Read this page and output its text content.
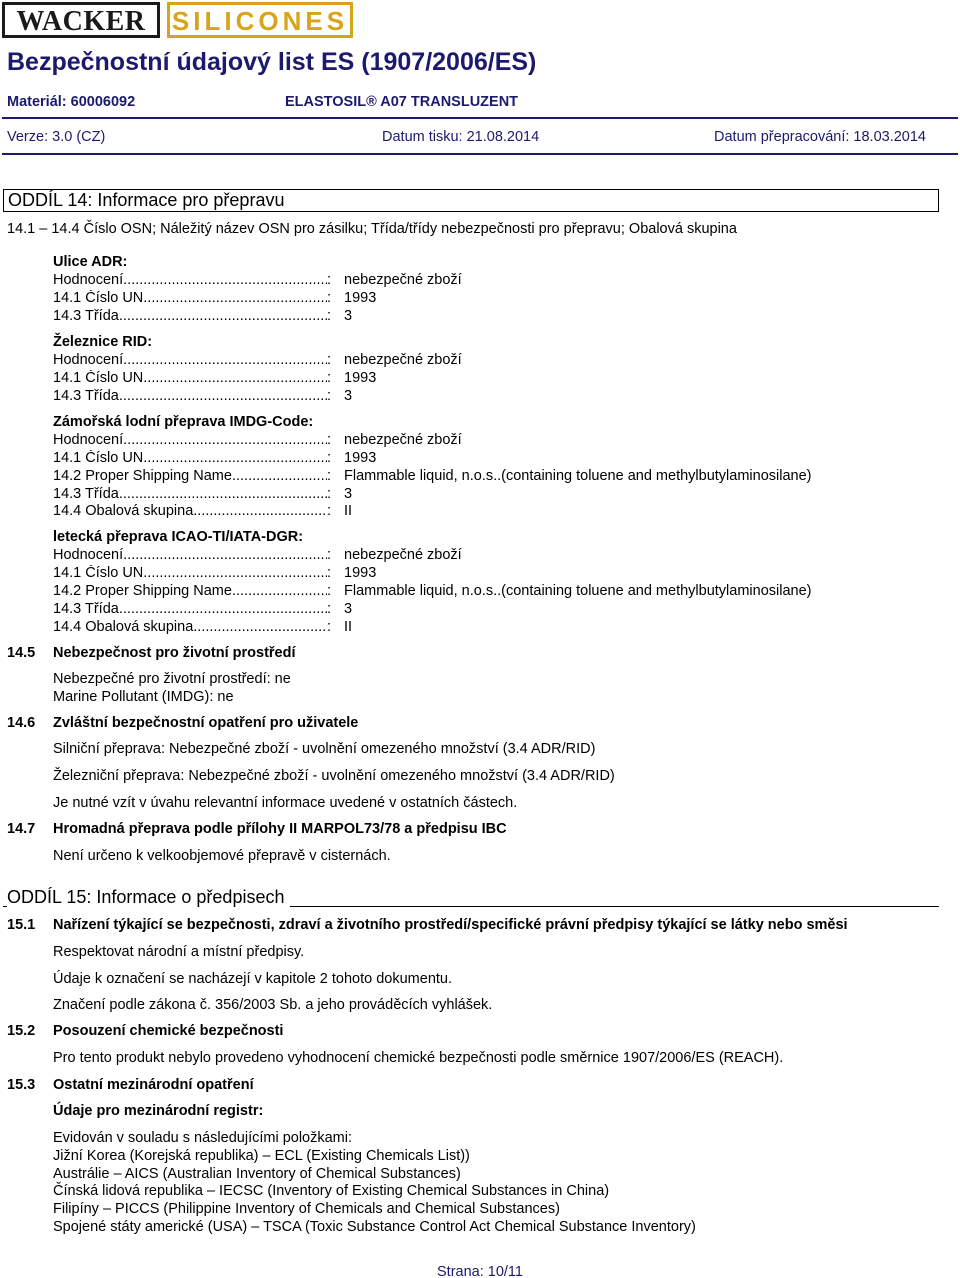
WACKER	SILICONES
Bezpečnostní údajový list ES (1907/2006/ES)
Materiál: 60006092	ELASTOSIL® A07 TRANSLUZENT
Verze: 3.0 (CZ)	Datum tisku: 21.08.2014	Datum přepracování: 18.03.2014
ODDÍL 14: Informace pro přepravu
14.1 – 14.4 Číslo OSN; Náležitý název OSN pro zásilku; Třída/třídy nebezpečnosti pro přepravu; Obalová skupina
Ulice ADR:
Hodnocení .....	: nebezpečné zboží
14.1 Číslo UN .....	: 1993
14.3 Třída .....	: 3
Železnice RID:
Hodnocení .....	: nebezpečné zboží
14.1 Číslo UN .....	: 1993
14.3 Třída .....	: 3
Zámořská lodní přeprava IMDG-Code:
Hodnocení .....	: nebezpečné zboží
14.1 Číslo UN .....	: 1993
14.2 Proper Shipping Name .....	: Flammable liquid, n.o.s..(containing toluene and methylbutylaminosilane)
14.3 Třída .....	: 3
14.4 Obalová skupina .....	: II
letecká přeprava ICAO-TI/IATA-DGR:
Hodnocení .....	: nebezpečné zboží
14.1 Číslo UN .....	: 1993
14.2 Proper Shipping Name .....	: Flammable liquid, n.o.s..(containing toluene and methylbutylaminosilane)
14.3 Třída .....	: 3
14.4 Obalová skupina .....	: II
14.5 Nebezpečnost pro životní prostředí
Nebezpečné pro životní prostředí: ne
Marine Pollutant (IMDG): ne
14.6 Zvláštní bezpečnostní opatření pro uživatele
Silniční přeprava: Nebezpečné zboží - uvolnění omezeného množství (3.4 ADR/RID)
Železniční přeprava: Nebezpečné zboží - uvolnění omezeného množství (3.4 ADR/RID)
Je nutné vzít v úvahu relevantní informace uvedené v ostatních částech.
14.7 Hromadná přeprava podle přílohy II MARPOL73/78 a předpisu IBC
Není určeno k velkoobjemové přepravě v cisternách.
ODDÍL 15: Informace o předpisech
15.1 Nařízení týkající se bezpečnosti, zdraví a životního prostředí/specifické právní předpisy týkající se látky nebo směsi
Respektovat národní a místní předpisy.
Údaje k označení se nacházejí v kapitole 2 tohoto dokumentu.
Značení podle zákona č. 356/2003 Sb. a jeho prováděcích vyhlášek.
15.2 Posouzení chemické bezpečnosti
Pro tento produkt nebylo provedeno vyhodnocení chemické bezpečnosti podle směrnice 1907/2006/ES (REACH).
15.3 Ostatní mezinárodní opatření
Údaje pro mezinárodní registr:
Evidován v souladu s následujícími položkami:
Jižní Korea (Korejská republika) – ECL (Existing Chemicals List))
Austrálie – AICS (Australian Inventory of Chemical Substances)
Čínská lidová republika – IECSC (Inventory of Existing Chemical Substances in China)
Filipíny – PICCS (Philippine Inventory of Chemicals and Chemical Substances)
Spojené státy americké (USA) – TSCA (Toxic Substance Control Act Chemical Substance Inventory)
Strana: 10/11
